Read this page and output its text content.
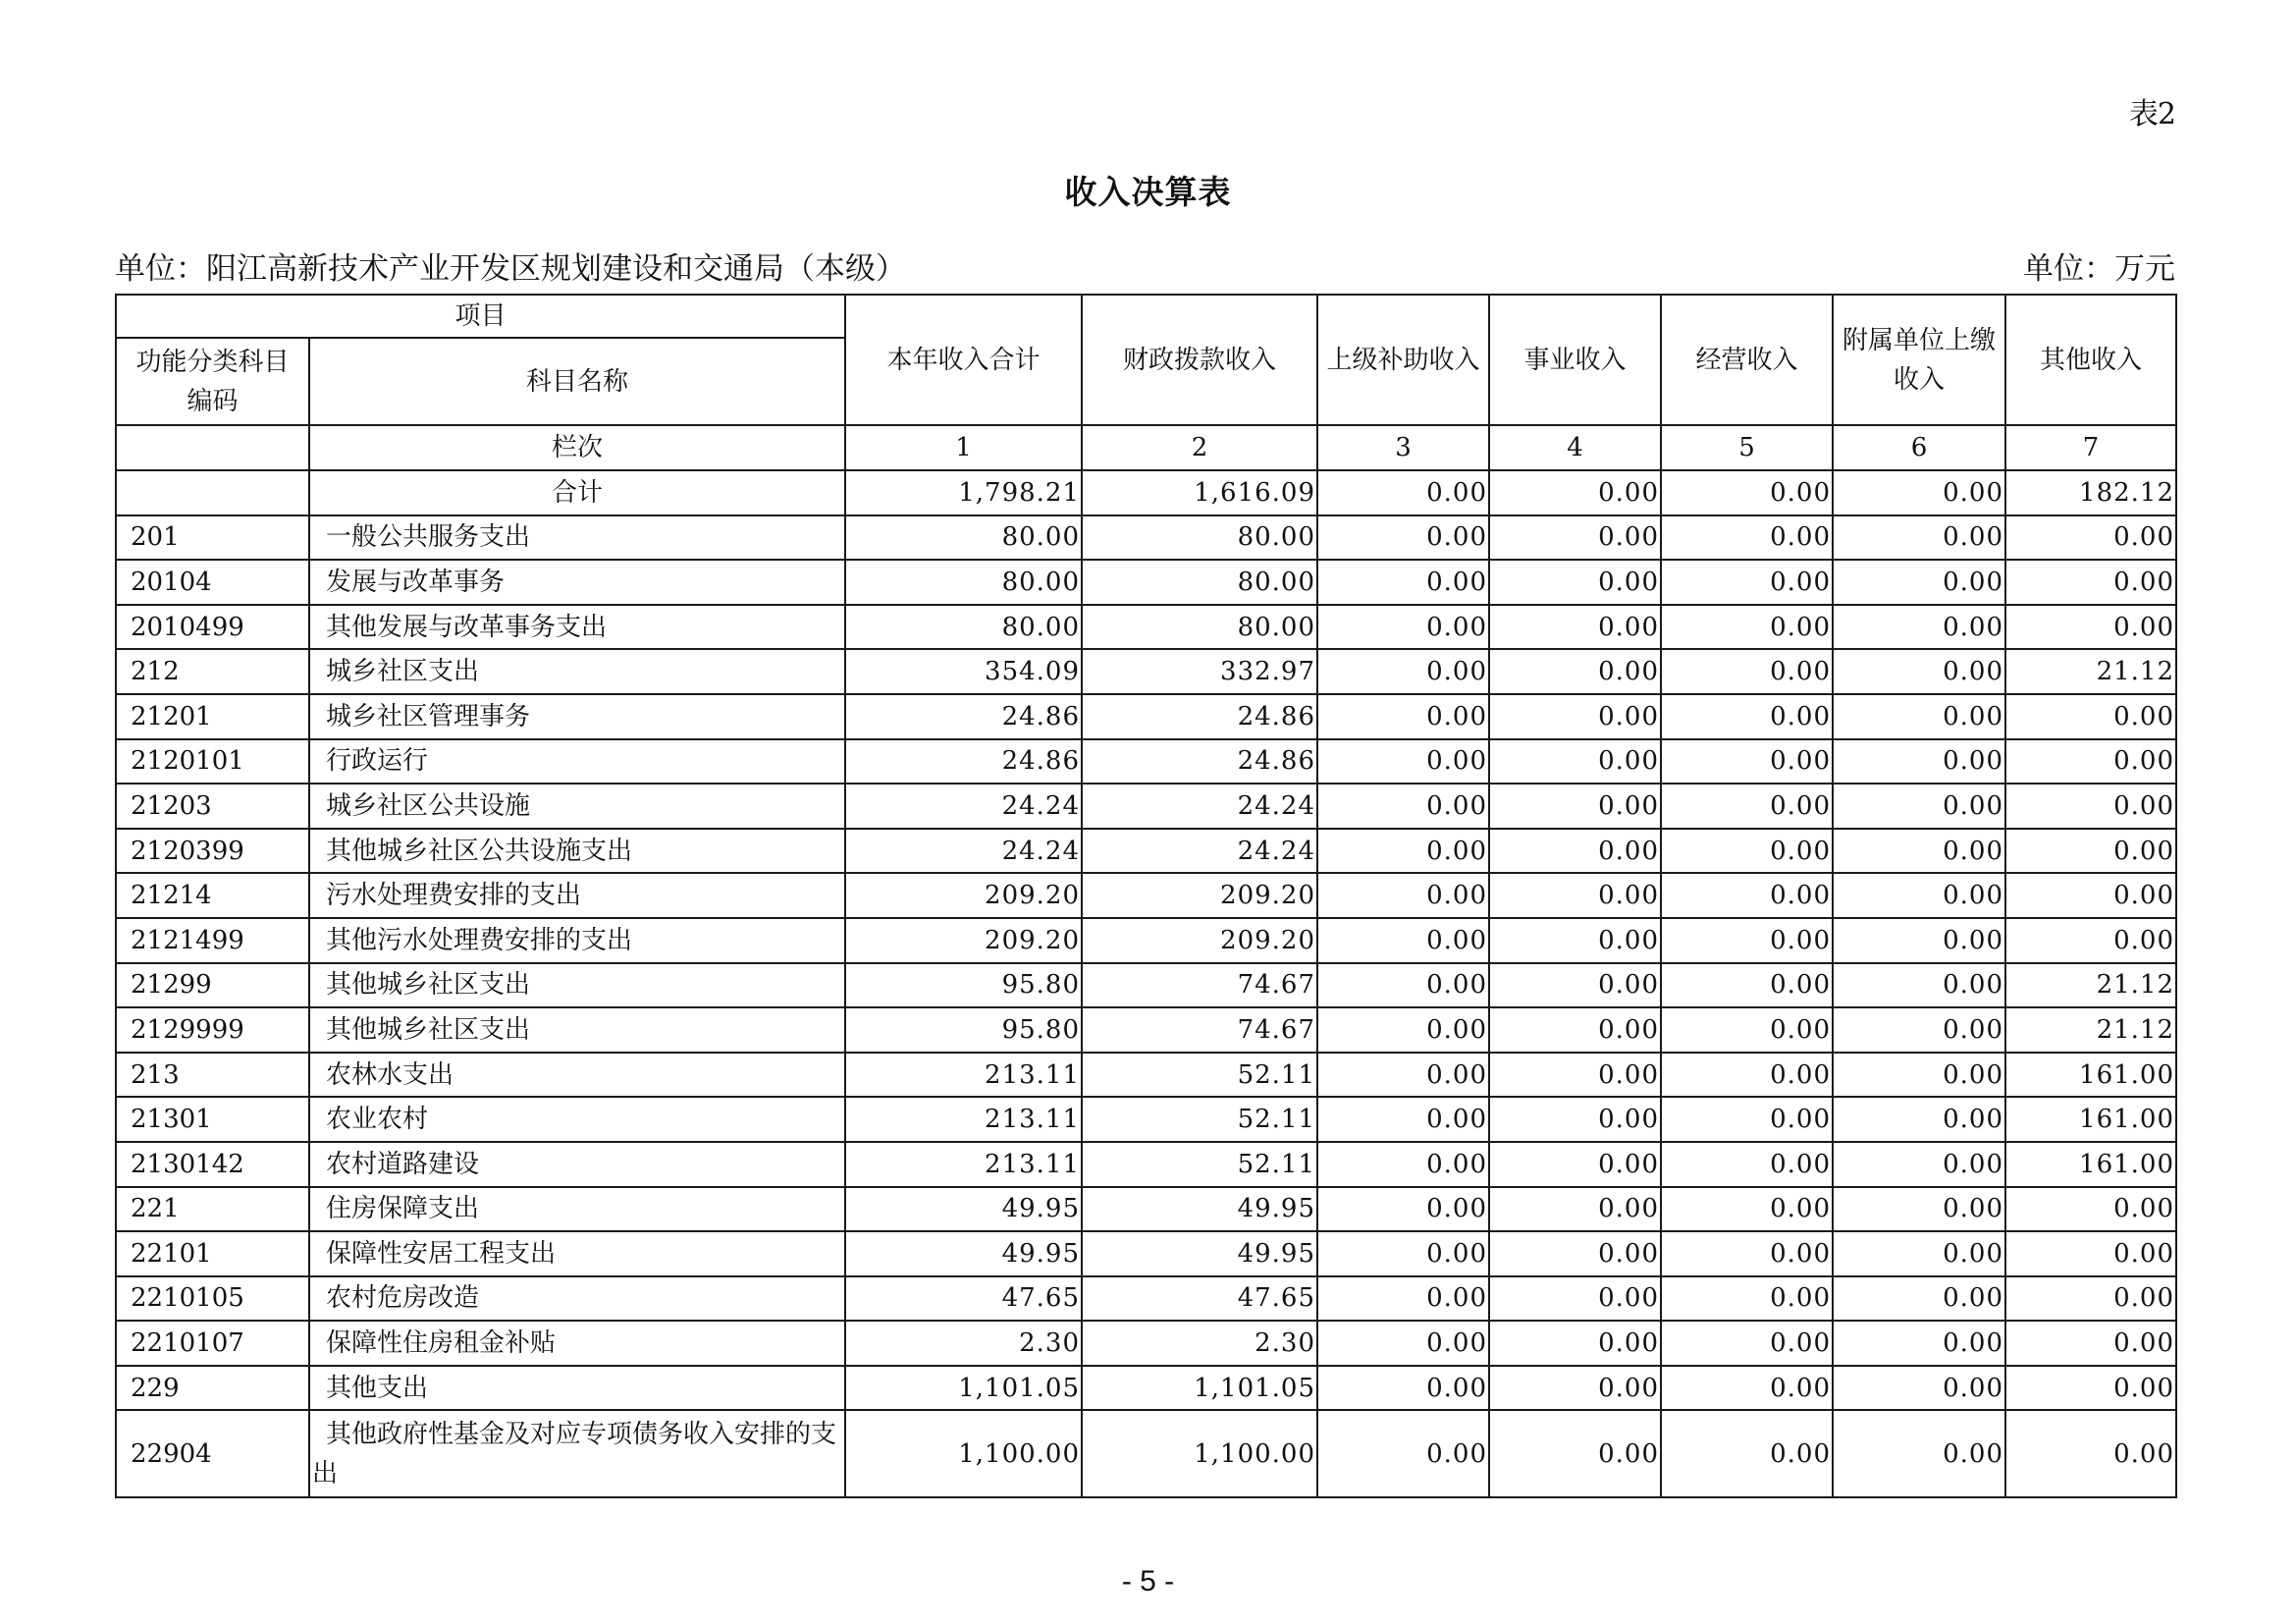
表2
收入决算表
单位：阳江高新技术产业开发区规划建设和交通局（本级）	单位：万元
项目		本年收入合计	财政拨款收入	上级补助收入	事业收入	经营收入	附属单位上缴收入	其他收入
功能分类科目编码	科目名称							
	栏次	1	2	3	4	5	6	7
	合计	1,798.21	1,616.09	0.00	0.00	0.00	0.00	182.12
201	一般公共服务支出	80.00	80.00	0.00	0.00	0.00	0.00	0.00
20104	发展与改革事务	80.00	80.00	0.00	0.00	0.00	0.00	0.00
2010499	其他发展与改革事务支出	80.00	80.00	0.00	0.00	0.00	0.00	0.00
212	城乡社区支出	354.09	332.97	0.00	0.00	0.00	0.00	21.12
21201	城乡社区管理事务	24.86	24.86	0.00	0.00	0.00	0.00	0.00
2120101	行政运行	24.86	24.86	0.00	0.00	0.00	0.00	0.00
21203	城乡社区公共设施	24.24	24.24	0.00	0.00	0.00	0.00	0.00
2120399	其他城乡社区公共设施支出	24.24	24.24	0.00	0.00	0.00	0.00	0.00
21214	污水处理费安排的支出	209.20	209.20	0.00	0.00	0.00	0.00	0.00
2121499	其他污水处理费安排的支出	209.20	209.20	0.00	0.00	0.00	0.00	0.00
21299	其他城乡社区支出	95.80	74.67	0.00	0.00	0.00	0.00	21.12
2129999	其他城乡社区支出	95.80	74.67	0.00	0.00	0.00	0.00	21.12
213	农林水支出	213.11	52.11	0.00	0.00	0.00	0.00	161.00
21301	农业农村	213.11	52.11	0.00	0.00	0.00	0.00	161.00
2130142	农村道路建设	213.11	52.11	0.00	0.00	0.00	0.00	161.00
221	住房保障支出	49.95	49.95	0.00	0.00	0.00	0.00	0.00
22101	保障性安居工程支出	49.95	49.95	0.00	0.00	0.00	0.00	0.00
2210105	农村危房改造	47.65	47.65	0.00	0.00	0.00	0.00	0.00
2210107	保障性住房租金补贴	2.30	2.30	0.00	0.00	0.00	0.00	0.00
229	其他支出	1,101.05	1,101.05	0.00	0.00	0.00	0.00	0.00
22904	其他政府性基金及对应专项债务收入安排的支出	1,100.00	1,100.00	0.00	0.00	0.00	0.00	0.00
- 5 -
